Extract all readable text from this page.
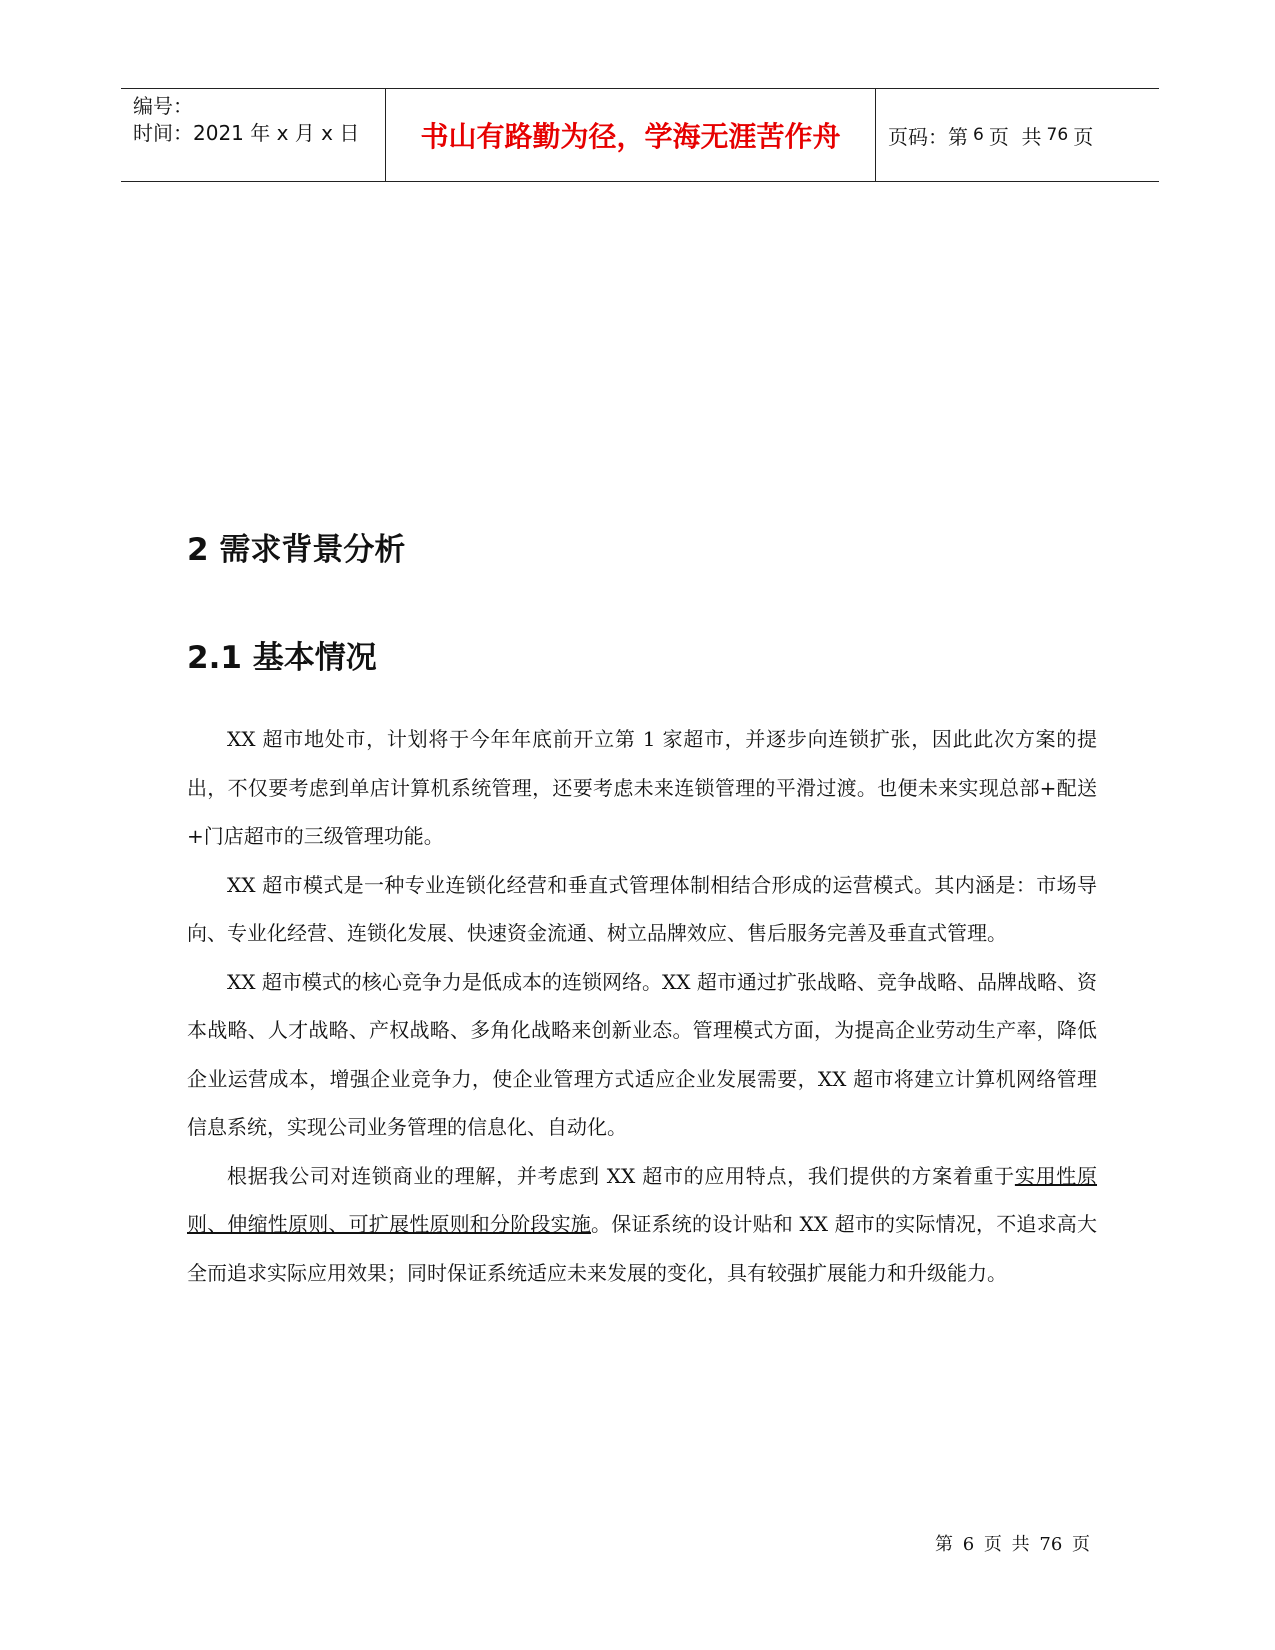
编号：
时间：2021 年 x 月 x 日	书山有路勤为径，学海无涯苦作舟 页码：第 6 页  共 76 页
2 需求背景分析
2.1 基本情况

XX 超市地处市，计划将于今年年底前开立第 1 家超市，并逐步向连锁扩张，因此此次方案的提出，不仅要考虑到单店计算机系统管理，还要考虑未来连锁管理的平滑过渡。也便未来实现总部+配送+门店超市的三级管理功能。

XX 超市模式是一种专业连锁化经营和垂直式管理体制相结合形成的运营模式。其内涵是：市场导向、专业化经营、连锁化发展、快速资金流通、树立品牌效应、售后服务完善及垂直式管理。

XX 超市模式的核心竞争力是低成本的连锁网络。XX 超市通过扩张战略、竞争战略、品牌战略、资本战略、人才战略、产权战略、多角化战略来创新业态。管理模式方面，为提高企业劳动生产率，降低企业运营成本，增强企业竞争力，使企业管理方式适应企业发展需要，XX 超市将建立计算机网络管理信息系统，实现公司业务管理的信息化、自动化。

根据我公司对连锁商业的理解，并考虑到 XX 超市的应用特点，我们提供的方案着重于实用性原则、伸缩性原则、可扩展性原则和分阶段实施。保证系统的设计贴和 XX 超市的实际情况，不追求高大全而追求实际应用效果；同时保证系统适应未来发展的变化，具有较强扩展能力和升级能力。

第 6 页 共 76 页
